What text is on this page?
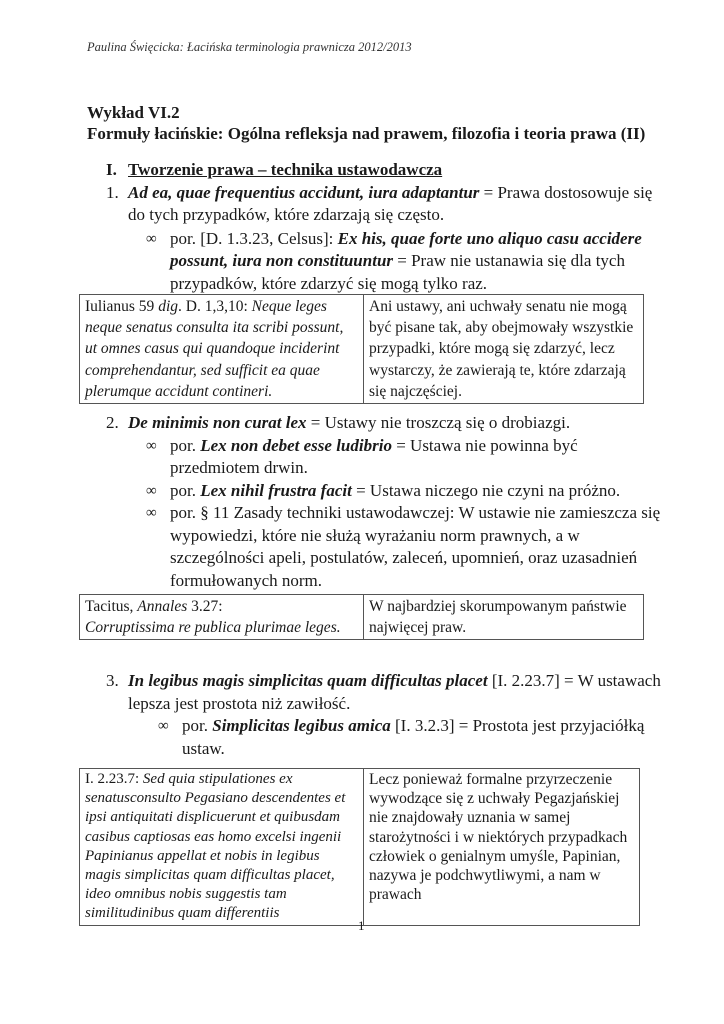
Paulina Święcicka: Łacińska terminologia prawnicza 2012/2013
Wykład VI.2
Formuły łacińskie: Ogólna refleksja nad prawem, filozofia i teoria prawa (II)
I. Tworzenie prawa – technika ustawodawcza
1. Ad ea, quae frequentius accidunt, iura adaptantur = Prawa dostosowuje się do tych przypadków, które zdarzają się często.
∞ por. [D. 1.3.23, Celsus]: Ex his, quae forte uno aliquo casu accidere possunt, iura non constituuntur = Praw nie ustanawia się dla tych przypadków, które zdarzyć się mogą tylko raz.
Iulianus 59 dig. D. 1,3,10: Neque leges neque senatus consulta ita scribi possunt, ut omnes casus qui quandoque inciderint comprehendantur, sed sufficit ea quae plerumque accidunt contineri.	Ani ustawy, ani uchwały senatu nie mogą być pisane tak, aby obejmowały wszystkie przypadki, które mogą się zdarzyć, lecz wystarczy, że zawierają te, które zdarzają się najczęściej.
2. De minimis non curat lex = Ustawy nie troszczą się o drobiazgi.
∞ por. Lex non debet esse ludibrio = Ustawa nie powinna być przedmiotem drwin.
∞ por. Lex nihil frustra facit = Ustawa niczego nie czyni na próżno.
∞ por. § 11 Zasady techniki ustawodawczej: W ustawie nie zamieszcza się wypowiedzi, które nie służą wyrażaniu norm prawnych, a w szczególności apeli, postulatów, zaleceń, upomnień, oraz uzasadnień formułowanych norm.
Tacitus, Annales 3.27:
Corruptissima re publica plurimae leges.	W najbardziej skorumpowanym państwie najwięcej praw.
3. In legibus magis simplicitas quam difficultas placet [I. 2.23.7] = W ustawach lepsza jest prostota niż zawiłość.
∞ por. Simplicitas legibus amica [I. 3.2.3] = Prostota jest przyjaciółką ustaw.
I. 2.23.7: Sed quia stipulationes ex senatusconsulto Pegasiano descendentes et ipsi antiquitati displicuerunt et quibusdam casibus captiosas eas homo excelsi ingenii Papinianus appellat et nobis in legibus magis simplicitas quam difficultas placet, ideo omnibus nobis suggestis tam similitudinibus quam differentiis	Lecz ponieważ formalne przyrzeczenie wywodzące się z uchwały Pegazjańskiej nie znajdowały uznania w samej starożytności i w niektórych przypadkach człowiek o genialnym umyśle, Papinian, nazywa je podchwytliwymi, a nam w prawach
1
